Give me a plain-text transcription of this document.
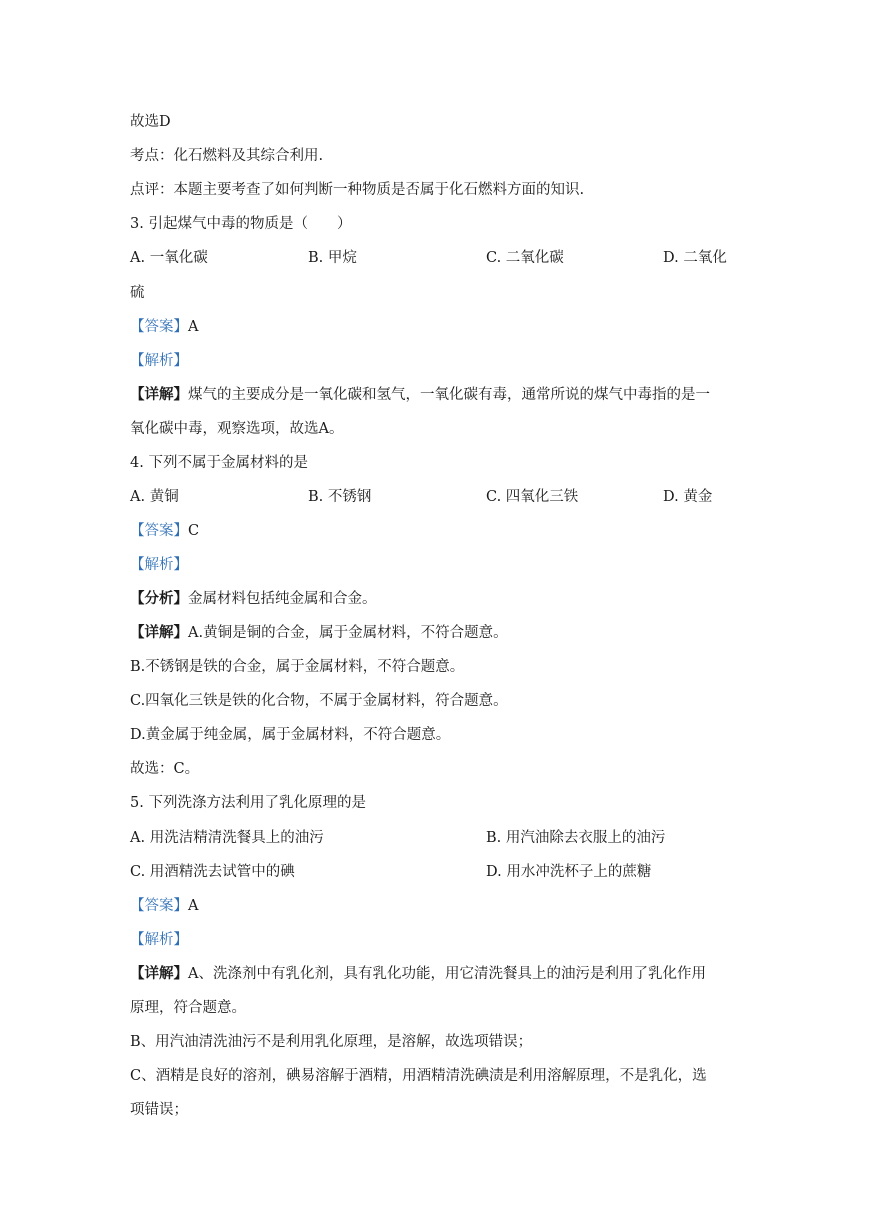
故选D
考点：化石燃料及其综合利用.
点评：本题主要考查了如何判断一种物质是否属于化石燃料方面的知识.
3. 引起煤气中毒的物质是（　　）
A. 一氧化碳	B. 甲烷	C. 二氧化碳	D. 二氧化
硫
【答案】A
【解析】
【详解】煤气的主要成分是一氧化碳和氢气，一氧化碳有毒，通常所说的煤气中毒指的是一
氧化碳中毒，观察选项，故选A。
4. 下列不属于金属材料的是
A. 黄铜	B. 不锈钢	C. 四氧化三铁	D. 黄金
【答案】C
【解析】
【分析】金属材料包括纯金属和合金。
【详解】A.黄铜是铜的合金，属于金属材料，不符合题意。
B.不锈钢是铁的合金，属于金属材料，不符合题意。
C.四氧化三铁是铁的化合物，不属于金属材料，符合题意。
D.黄金属于纯金属，属于金属材料，不符合题意。
故选：C。
5. 下列洗涤方法利用了乳化原理的是
A. 用洗洁精清洗餐具上的油污	B. 用汽油除去衣服上的油污
C. 用酒精洗去试管中的碘	D. 用水冲洗杯子上的蔗糖
【答案】A
【解析】
【详解】A、洗涤剂中有乳化剂，具有乳化功能，用它清洗餐具上的油污是利用了乳化作用
原理，符合题意。
B、用汽油清洗油污不是利用乳化原理，是溶解，故选项错误；
C、酒精是良好的溶剂，碘易溶解于酒精，用酒精清洗碘渍是利用溶解原理，不是乳化，选
项错误；
